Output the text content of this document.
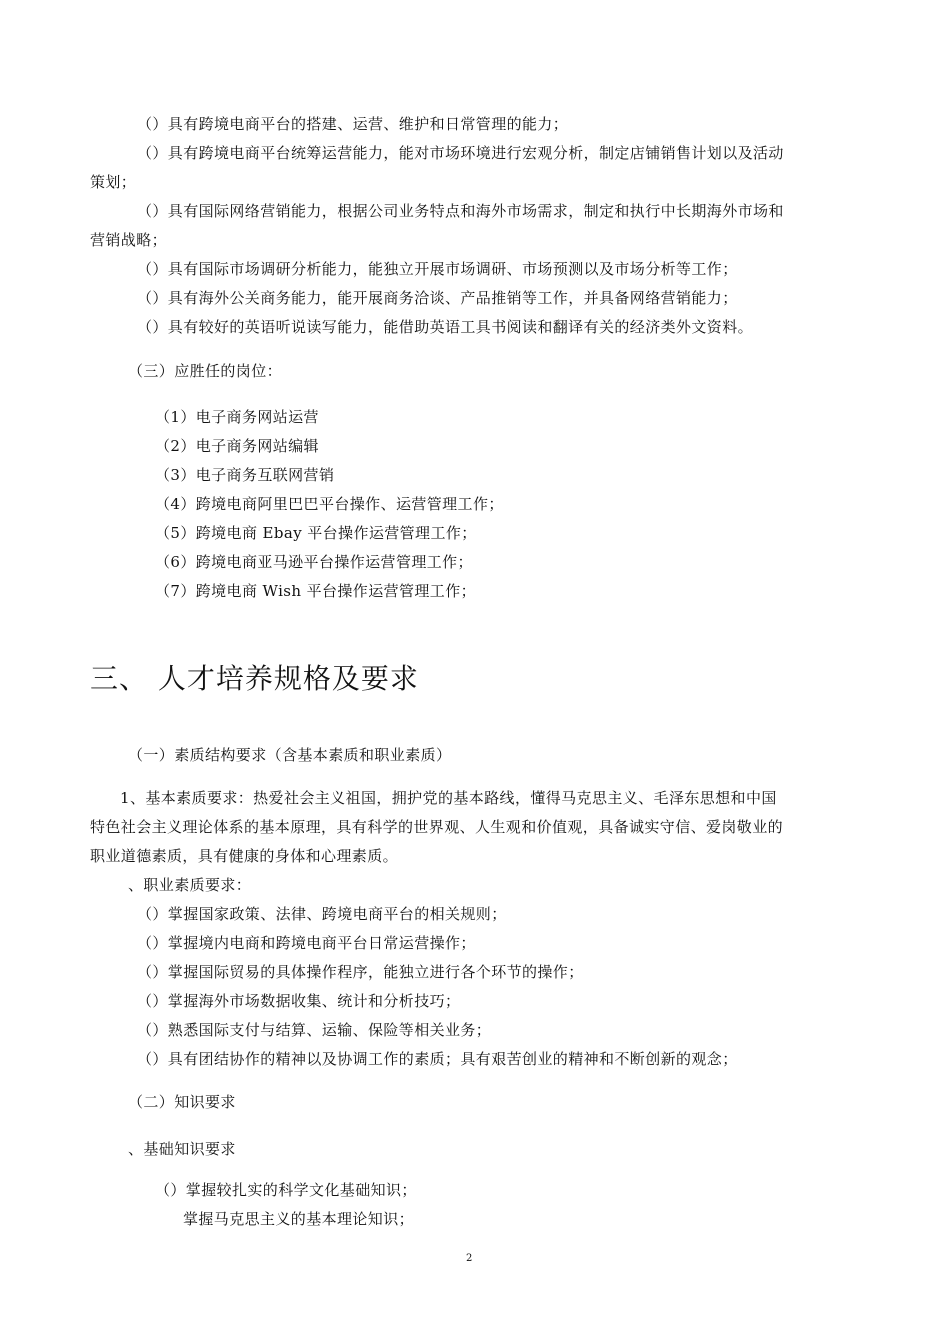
（）具有跨境电商平台的搭建、运营、维护和日常管理的能力；
（）具有跨境电商平台统筹运营能力，能对市场环境进行宏观分析，制定店铺销售计划以及活动
策划；
（）具有国际网络营销能力，根据公司业务特点和海外市场需求，制定和执行中长期海外市场和
营销战略；
（）具有国际市场调研分析能力，能独立开展市场调研、市场预测以及市场分析等工作；
（）具有海外公关商务能力，能开展商务洽谈、产品推销等工作，并具备网络营销能力；
（）具有较好的英语听说读写能力，能借助英语工具书阅读和翻译有关的经济类外文资料。
（三）应胜任的岗位：
（1）电子商务网站运营
（2）电子商务网站编辑
（3）电子商务互联网营销
（4）跨境电商阿里巴巴平台操作、运营管理工作；
（5）跨境电商 Ebay 平台操作运营管理工作；
（6）跨境电商亚马逊平台操作运营管理工作；
（7）跨境电商 Wish 平台操作运营管理工作；
三、 人才培养规格及要求
（一）素质结构要求（含基本素质和职业素质）
1、基本素质要求：热爱社会主义祖国，拥护党的基本路线，懂得马克思主义、毛泽东思想和中国
特色社会主义理论体系的基本原理，具有科学的世界观、人生观和价值观，具备诚实守信、爱岗敬业的
职业道德素质，具有健康的身体和心理素质。
、职业素质要求：
（）掌握国家政策、法律、跨境电商平台的相关规则；
（）掌握境内电商和跨境电商平台日常运营操作；
（）掌握国际贸易的具体操作程序，能独立进行各个环节的操作；
（）掌握海外市场数据收集、统计和分析技巧；
（）熟悉国际支付与结算、运输、保险等相关业务；
（）具有团结协作的精神以及协调工作的素质；具有艰苦创业的精神和不断创新的观念；
（二）知识要求
、基础知识要求
（）掌握较扎实的科学文化基础知识；
掌握马克思主义的基本理论知识；
2
